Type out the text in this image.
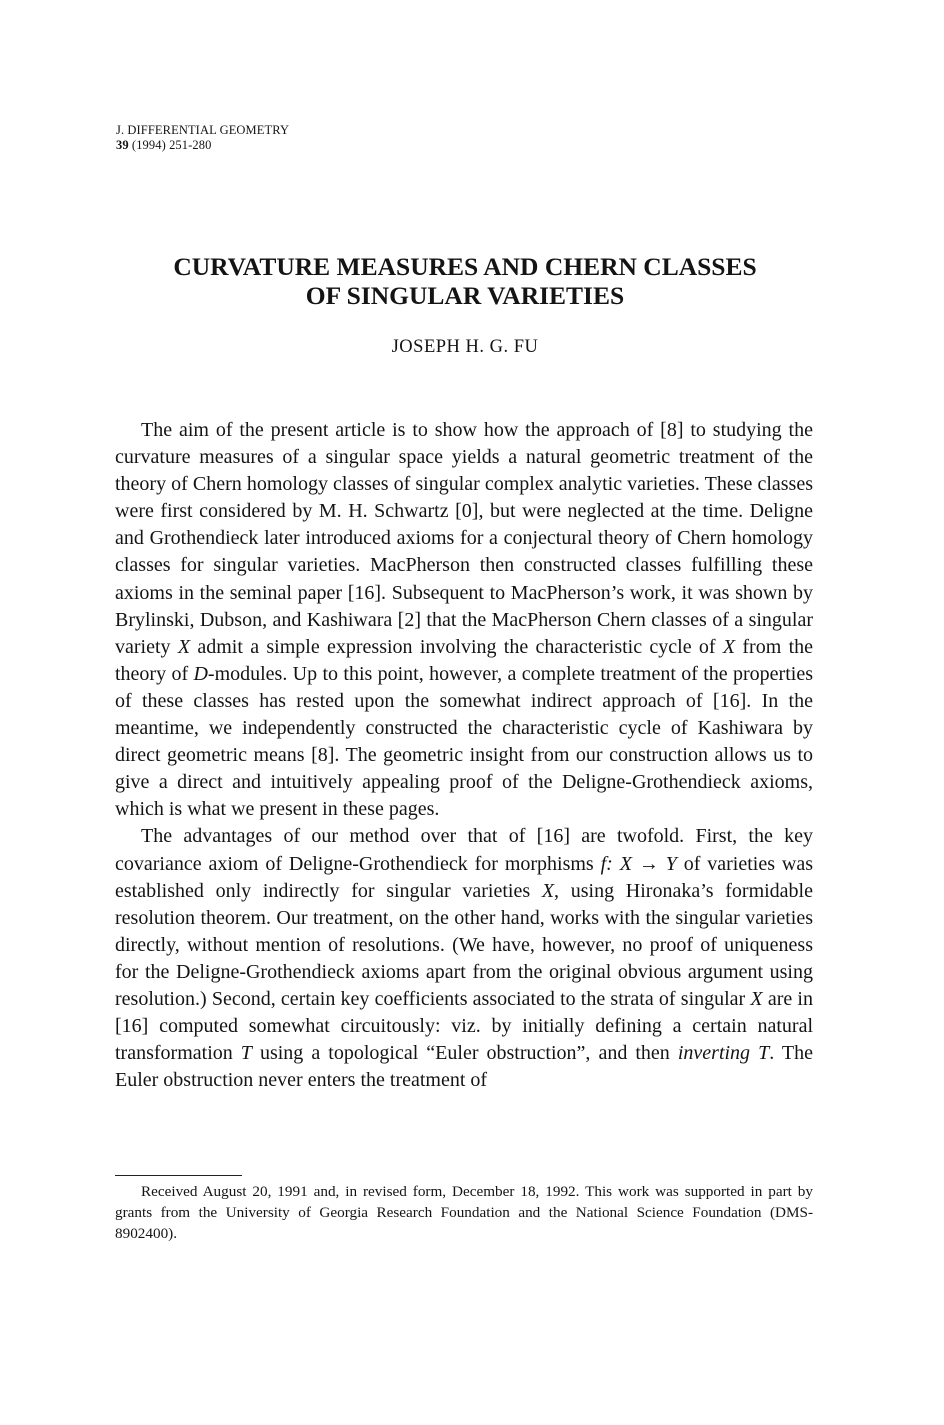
J. DIFFERENTIAL GEOMETRY
39 (1994) 251-280
CURVATURE MEASURES AND CHERN CLASSES
OF SINGULAR VARIETIES
JOSEPH H. G. FU

The aim of the present article is to show how the approach of [8] to studying the curvature measures of a singular space yields a natural geometric treatment of the theory of Chern homology classes of singular complex analytic varieties. These classes were first considered by M. H. Schwartz [0], but were neglected at the time. Deligne and Grothendieck later introduced axioms for a conjectural theory of Chern homology classes for singular varieties. MacPherson then constructed classes fulfilling these axioms in the seminal paper [16]. Subsequent to MacPherson’s work, it was shown by Brylinski, Dubson, and Kashiwara [2] that the MacPherson Chern classes of a singular variety X admit a simple expression involving the characteristic cycle of X from the theory of D-modules. Up to this point, however, a complete treatment of the properties of these classes has rested upon the somewhat indirect approach of [16]. In the meantime, we independently constructed the characteristic cycle of Kashiwara by direct geometric means [8]. The geometric insight from our construction allows us to give a direct and intuitively appealing proof of the Deligne-Grothendieck axioms, which is what we present in these pages.

The advantages of our method over that of [16] are twofold. First, the key covariance axiom of Deligne-Grothendieck for morphisms f: X → Y of varieties was established only indirectly for singular varieties X, using Hironaka’s formidable resolution theorem. Our treatment, on the other hand, works with the singular varieties directly, without mention of resolutions. (We have, however, no proof of uniqueness for the Deligne-Grothendieck axioms apart from the original obvious argument using resolution.) Second, certain key coefficients associated to the strata of singular X are in [16] computed somewhat circuitously: viz. by initially defining a certain natural transformation T using a topological “Euler obstruction”, and then inverting T. The Euler obstruction never enters the treatment of

Received August 20, 1991 and, in revised form, December 18, 1992. This work was supported in part by grants from the University of Georgia Research Foundation and the National Science Foundation (DMS-8902400).
